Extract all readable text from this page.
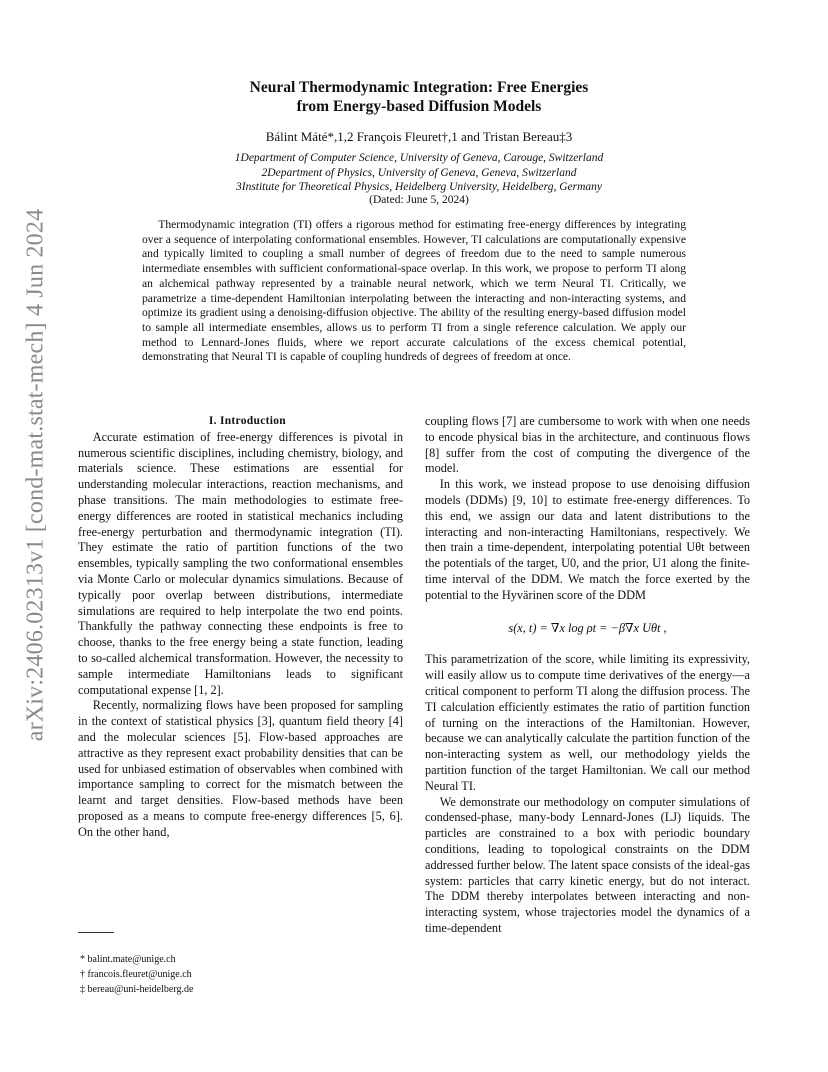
arXiv:2406.02313v1 [cond-mat.stat-mech] 4 Jun 2024
Neural Thermodynamic Integration: Free Energies
from Energy-based Diffusion Models
Bálint Máté*,1,2 François Fleuret†,1 and Tristan Bereau‡3
1Department of Computer Science, University of Geneva, Carouge, Switzerland
2Department of Physics, University of Geneva, Geneva, Switzerland
3Institute for Theoretical Physics, Heidelberg University, Heidelberg, Germany
(Dated: June 5, 2024)
Thermodynamic integration (TI) offers a rigorous method for estimating free-energy differences by integrating over a sequence of interpolating conformational ensembles. However, TI calculations are computationally expensive and typically limited to coupling a small number of degrees of freedom due to the need to sample numerous intermediate ensembles with sufficient conformational-space overlap. In this work, we propose to perform TI along an alchemical pathway represented by a trainable neural network, which we term Neural TI. Critically, we parametrize a time-dependent Hamiltonian interpolating between the interacting and non-interacting systems, and optimize its gradient using a denoising-diffusion objective. The ability of the resulting energy-based diffusion model to sample all intermediate ensembles, allows us to perform TI from a single reference calculation. We apply our method to Lennard-Jones fluids, where we report accurate calculations of the excess chemical potential, demonstrating that Neural TI is capable of coupling hundreds of degrees of freedom at once.

I. Introduction

Accurate estimation of free-energy differences is pivotal in numerous scientific disciplines, including chemistry, biology, and materials science. These estimations are essential for understanding molecular interactions, reaction mechanisms, and phase transitions. The main methodologies to estimate free-energy differences are rooted in statistical mechanics including free-energy perturbation and thermodynamic integration (TI). They estimate the ratio of partition functions of the two ensembles, typically sampling the two conformational ensembles via Monte Carlo or molecular dynamics simulations. Because of typically poor overlap between distributions, intermediate simulations are required to help interpolate the two end points. Thankfully the pathway connecting these endpoints is free to choose, thanks to the free energy being a state function, leading to so-called alchemical transformation. However, the necessity to sample intermediate Hamiltonians leads to significant computational expense [1, 2].

Recently, normalizing flows have been proposed for sampling in the context of statistical physics [3], quantum field theory [4] and the molecular sciences [5]. Flow-based approaches are attractive as they represent exact probability densities that can be used for unbiased estimation of observables when combined with importance sampling to correct for the mismatch between the learnt and target densities. Flow-based methods have been proposed as a means to compute free-energy differences [5, 6]. On the other hand,

coupling flows [7] are cumbersome to work with when one needs to encode physical bias in the architecture, and continuous flows [8] suffer from the cost of computing the divergence of the model.

In this work, we instead propose to use denoising diffusion models (DDMs) [9, 10] to estimate free-energy differences. To this end, we assign our data and latent distributions to the interacting and non-interacting Hamiltonians, respectively. We then train a time-dependent, interpolating potential Uθt between the potentials of the target, U0, and the prior, U1 along the finite-time interval of the DDM. We match the force exerted by the potential to the Hyvärinen score of the DDM

s(x, t) = ∇x log ρt = −β∇x Uθt ,

This parametrization of the score, while limiting its expressivity, will easily allow us to compute time derivatives of the energy—a critical component to perform TI along the diffusion process. The TI calculation efficiently estimates the ratio of partition function of turning on the interactions of the Hamiltonian. However, because we can analytically calculate the partition function of the non-interacting system as well, our methodology yields the partition function of the target Hamiltonian. We call our method Neural TI.

We demonstrate our methodology on computer simulations of condensed-phase, many-body Lennard-Jones (LJ) liquids. The particles are constrained to a box with periodic boundary conditions, leading to topological constraints on the DDM addressed further below. The latent space consists of the ideal-gas system: particles that carry kinetic energy, but do not interact. The DDM thereby interpolates between interacting and non-interacting system, whose trajectories model the dynamics of a time-dependent

* balint.mate@unige.ch
† francois.fleuret@unige.ch
‡ bereau@uni-heidelberg.de
